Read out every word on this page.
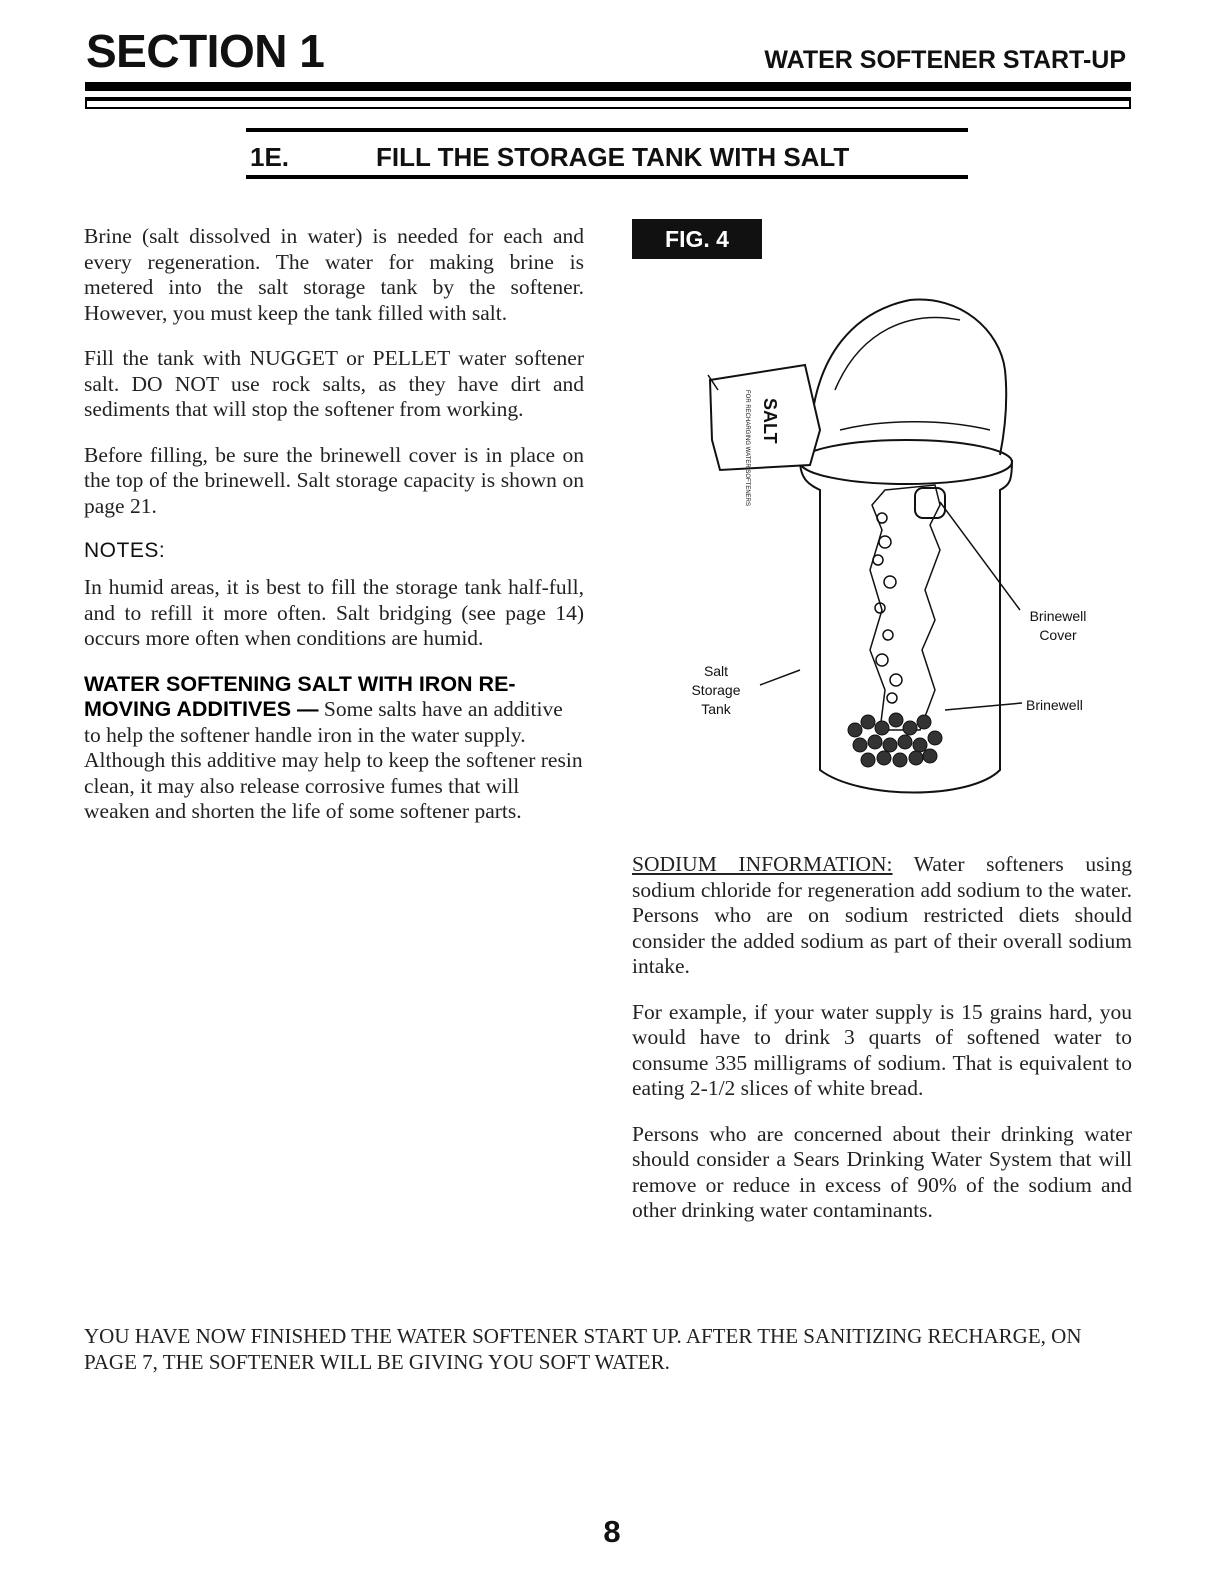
SECTION 1	WATER SOFTENER START-UP
1E.	FILL THE STORAGE TANK WITH SALT

Brine (salt dissolved in water) is needed for each and every regeneration. The water for making brine is metered into the salt storage tank by the softener. However, you must keep the tank filled with salt.

Fill the tank with NUGGET or PELLET water softener salt. DO NOT use rock salts, as they have dirt and sediments that will stop the softener from working.

Before filling, be sure the brinewell cover is in place on the top of the brinewell. Salt storage capacity is shown on page 21.

NOTES:

In humid areas, it is best to fill the storage tank half-full, and to refill it more often. Salt bridging (see page 14) occurs more often when conditions are humid.

WATER SOFTENING SALT WITH IRON RE-MOVING ADDITIVES — Some salts have an additive to help the softener handle iron in the water supply. Although this additive may help to keep the softener resin clean, it may also release corrosive fumes that will weaken and shorten the life of some softener parts.

FIG. 4
SALT
FOR RECHARGING WATER SOFTENERS
Brinewell
Cover
Salt
Storage
Tank	Brinewell

SODIUM INFORMATION: Water softeners using sodium chloride for regeneration add sodium to the water. Persons who are on sodium restricted diets should consider the added sodium as part of their overall sodium intake.

For example, if your water supply is 15 grains hard, you would have to drink 3 quarts of softened water to consume 335 milligrams of sodium. That is equivalent to eating 2-1/2 slices of white bread.

Persons who are concerned about their drinking water should consider a Sears Drinking Water System that will remove or reduce in excess of 90% of the sodium and other drinking water contaminants.

YOU HAVE NOW FINISHED THE WATER SOFTENER START UP. AFTER THE SANITIZING RECHARGE, ON PAGE 7, THE SOFTENER WILL BE GIVING YOU SOFT WATER.
8
